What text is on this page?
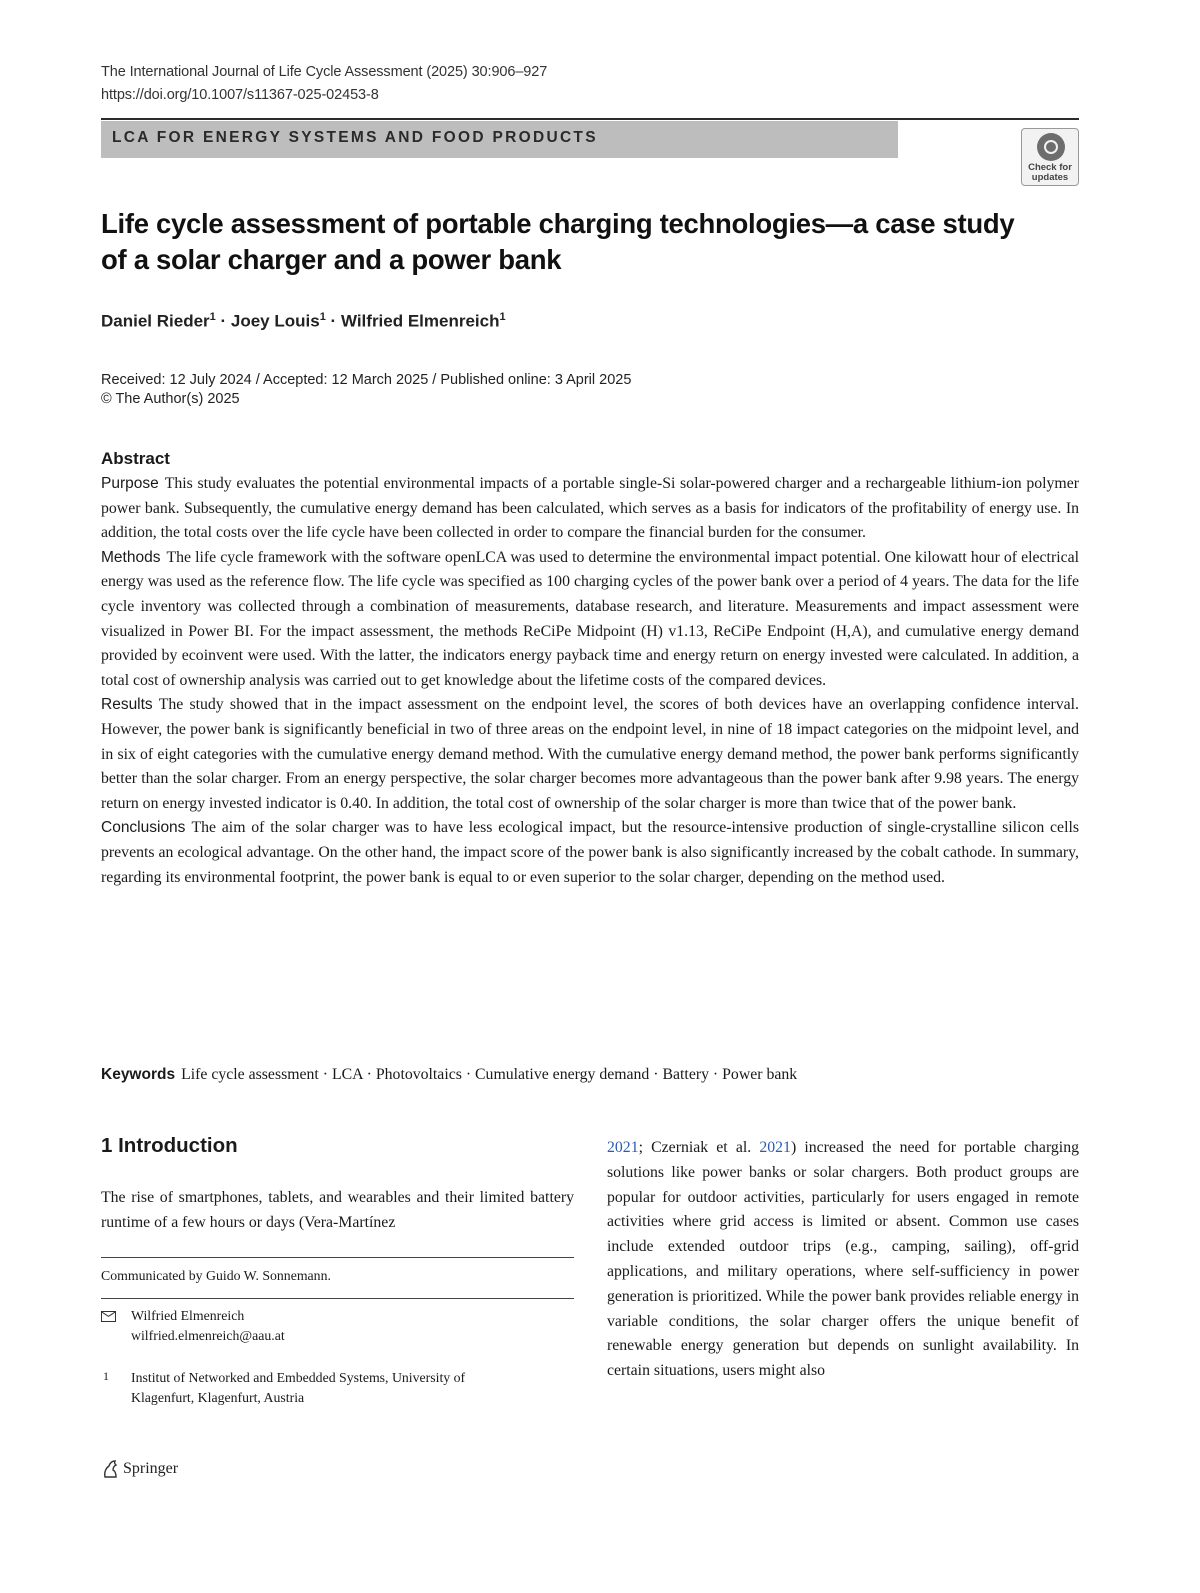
The International Journal of Life Cycle Assessment (2025) 30:906–927
https://doi.org/10.1007/s11367-025-02453-8
LCA FOR ENERGY SYSTEMS AND FOOD PRODUCTS
Check for updates
Life cycle assessment of portable charging technologies—a case study
of a solar charger and a power bank
Daniel Rieder$^1$ · Joey Louis$^1$ · Wilfried Elmenreich$^1$
Received: 12 July 2024 / Accepted: 12 March 2025 / Published online: 3 April 2025
© The Author(s) 2025
Abstract

Purpose This study evaluates the potential environmental impacts of a portable single-Si solar-powered charger and a rechargeable lithium-ion polymer power bank. Subsequently, the cumulative energy demand has been calculated, which serves as a basis for indicators of the profitability of energy use. In addition, the total costs over the life cycle have been collected in order to compare the financial burden for the consumer.

Methods The life cycle framework with the software openLCA was used to determine the environmental impact potential. One kilowatt hour of electrical energy was used as the reference flow. The life cycle was specified as 100 charging cycles of the power bank over a period of 4 years. The data for the life cycle inventory was collected through a combination of measurements, database research, and literature. Measurements and impact assessment were visualized in Power BI. For the impact assessment, the methods ReCiPe Midpoint (H) v1.13, ReCiPe Endpoint (H,A), and cumulative energy demand provided by ecoinvent were used. With the latter, the indicators energy payback time and energy return on energy invested were calculated. In addition, a total cost of ownership analysis was carried out to get knowledge about the lifetime costs of the compared devices.

Results The study showed that in the impact assessment on the endpoint level, the scores of both devices have an overlapping confidence interval. However, the power bank is significantly beneficial in two of three areas on the endpoint level, in nine of 18 impact categories on the midpoint level, and in six of eight categories with the cumulative energy demand method. With the cumulative energy demand method, the power bank performs significantly better than the solar charger. From an energy perspective, the solar charger becomes more advantageous than the power bank after 9.98 years. The energy return on energy invested indicator is 0.40. In addition, the total cost of ownership of the solar charger is more than twice that of the power bank.

Conclusions The aim of the solar charger was to have less ecological impact, but the resource-intensive production of single-crystalline silicon cells prevents an ecological advantage. On the other hand, the impact score of the power bank is also significantly increased by the cobalt cathode. In summary, regarding its environmental footprint, the power bank is equal to or even superior to the solar charger, depending on the method used.

Keywords Life cycle assessment · LCA · Photovoltaics · Cumulative energy demand · Battery · Power bank
1 Introduction

The rise of smartphones, tablets, and wearables and their limited battery runtime of a few hours or days (Vera-Martínez

Communicated by Guido W. Sonnemann.
Wilfried Elmenreich
wilfried.elmenreich@aau.at
1 Institut of Networked and Embedded Systems, University of Klagenfurt, Klagenfurt, Austria

2021; Czerniak et al. 2021) increased the need for portable charging solutions like power banks or solar chargers. Both product groups are popular for outdoor activities, particularly for users engaged in remote activities where grid access is limited or absent. Common use cases include extended outdoor trips (e.g., camping, sailing), off-grid applications, and military operations, where self-sufficiency in power generation is prioritized. While the power bank provides reliable energy in variable conditions, the solar charger offers the unique benefit of renewable energy generation but depends on sunlight availability. In certain situations, users might also

Springer
